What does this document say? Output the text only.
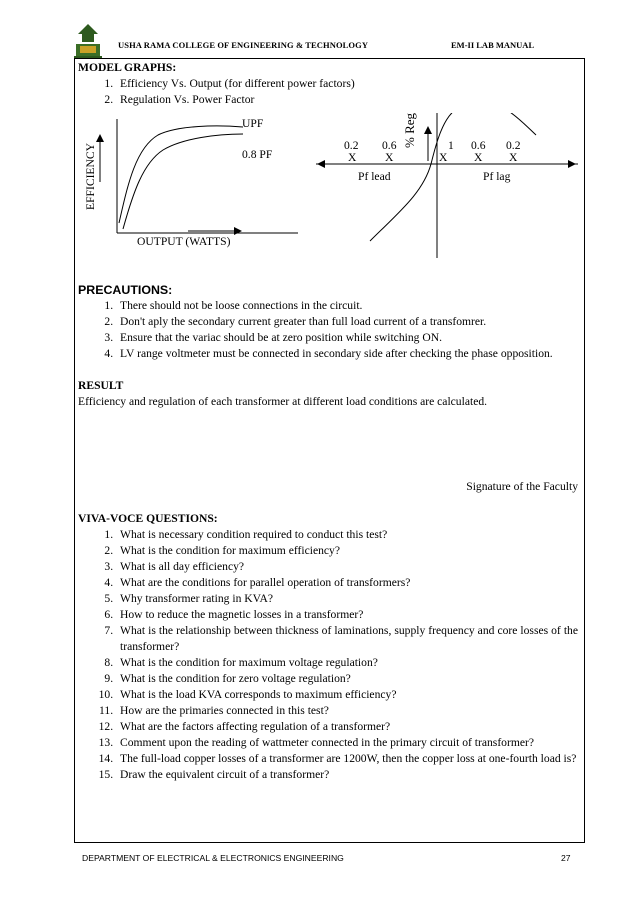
USHA RAMA COLLEGE OF ENGINEERING & TECHNOLOGY	EM-II LAB MANUAL

MODEL GRAPHS:

1. Efficiency Vs. Output (for different power factors)
2. Regulation Vs. Power Factor
EFFICIENCY
UPF
0.8 PF
OUTPUT (WATTS)
% Reg
0.2 0.6	1 0.6 0.2
X X	X X X
Pf lead	Pf lag

PRECAUTIONS:

1. There should not be loose connections in the circuit.
2. Don't aply the secondary current greater than full load current of a transfomrer.
3. Ensure that the variac should be at zero position while switching ON.
4. LV range voltmeter must be connected in secondary side after checking the phase opposition.

RESULT

Efficiency and regulation of each transformer at different load conditions are calculated.

Signature of the Faculty

VIVA-VOCE QUESTIONS:

1. What is necessary condition required to conduct this test?
2. What is the condition for maximum efficiency?
3. What is all day efficiency?
4. What are the conditions for parallel operation of transformers?
5. Why transformer rating in KVA?
6. How to reduce the magnetic losses in a transformer?
7. What is the relationship between thickness of laminations, supply frequency and core losses of the transformer?
8. What is the condition for maximum voltage regulation?
9. What is the condition for zero voltage regulation?
10. What is the load KVA corresponds to maximum efficiency?
11. How are the primaries connected in this test?
12. What are the factors affecting regulation of a transformer?
13. Comment upon the reading of wattmeter connected in the primary circuit of transformer?
14. The full-load copper losses of a transformer are 1200W, then the copper loss at one-fourth load is?
15. Draw the equivalent circuit of a transformer?
DEPARTMENT OF ELECTRICAL & ELECTRONICS ENGINEERING	27
